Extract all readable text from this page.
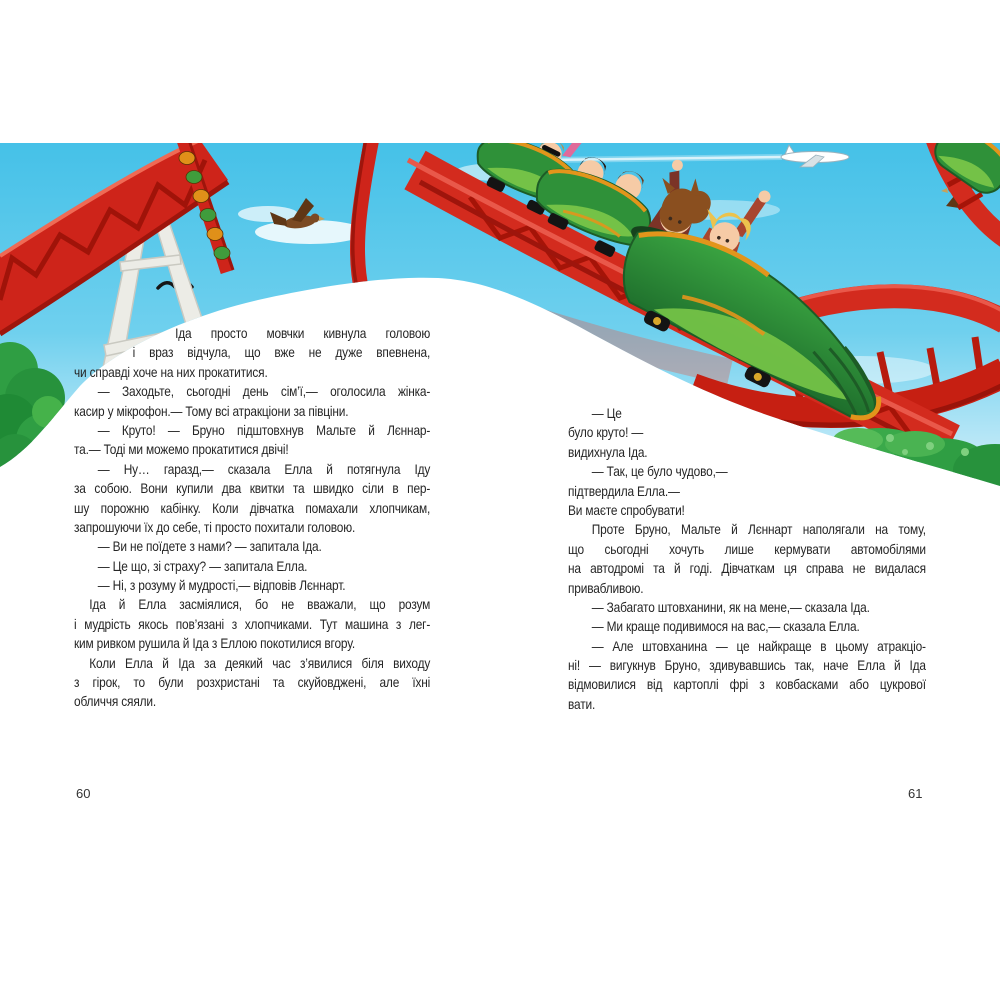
Іда просто мовчки кивнула головою
і враз відчула, що вже не дуже впевнена,
чи справді хоче на них прокатитися.
— Заходьте, сьогодні день сім’ї,— оголосила жінка-
касир у мікрофон.— Тому всі атракціони за півціни.
— Круто! — Бруно підштовхнув Мальте й Лєннар-
та.— Тоді ми можемо прокатитися двічі!
— Ну… гаразд,— сказала Елла й потягнула Іду
за собою. Вони купили два квитки та швидко сіли в пер-
шу порожню кабінку. Коли дівчатка помахали хлопчикам,
запрошуючи їх до себе, ті просто похитали головою.
— Ви не поїдете з нами? — запитала Іда.
— Це що, зі страху? — запитала Елла.
— Ні, з розуму й мудрості,— відповів Лєннарт.
Іда й Елла засміялися, бо не вважали, що розум
і мудрість якось пов’язані з хлопчиками. Тут машина з лег-
ким ривком рушила й Іда з Еллою покотилися вгору.
Коли Елла й Іда за деякий час з’явилися біля виходу
з гірок, то були розхристані та скуйовджені, але їхні
обличчя сяяли.
— Це
було круто! —
видихнула Іда.
— Так, це було чудово,—
підтвердила Елла.—
Ви маєте спробувати!
Проте Бруно, Мальте й Лєннарт наполягали на тому,
що сьогодні хочуть лише кермувати автомобілями
на автодромі та й годі. Дівчаткам ця справа не видалася
привабливою.
— Забагато штовханини, як на мене,— сказала Іда.
— Ми краще подивимося на вас,— сказала Елла.
— Але штовханина — це найкраще в цьому атракціо-
ні! — вигукнув Бруно, здивувавшись так, наче Елла й Іда
відмовилися від картоплі фрі з ковбасками або цукрової
вати.
60	61
